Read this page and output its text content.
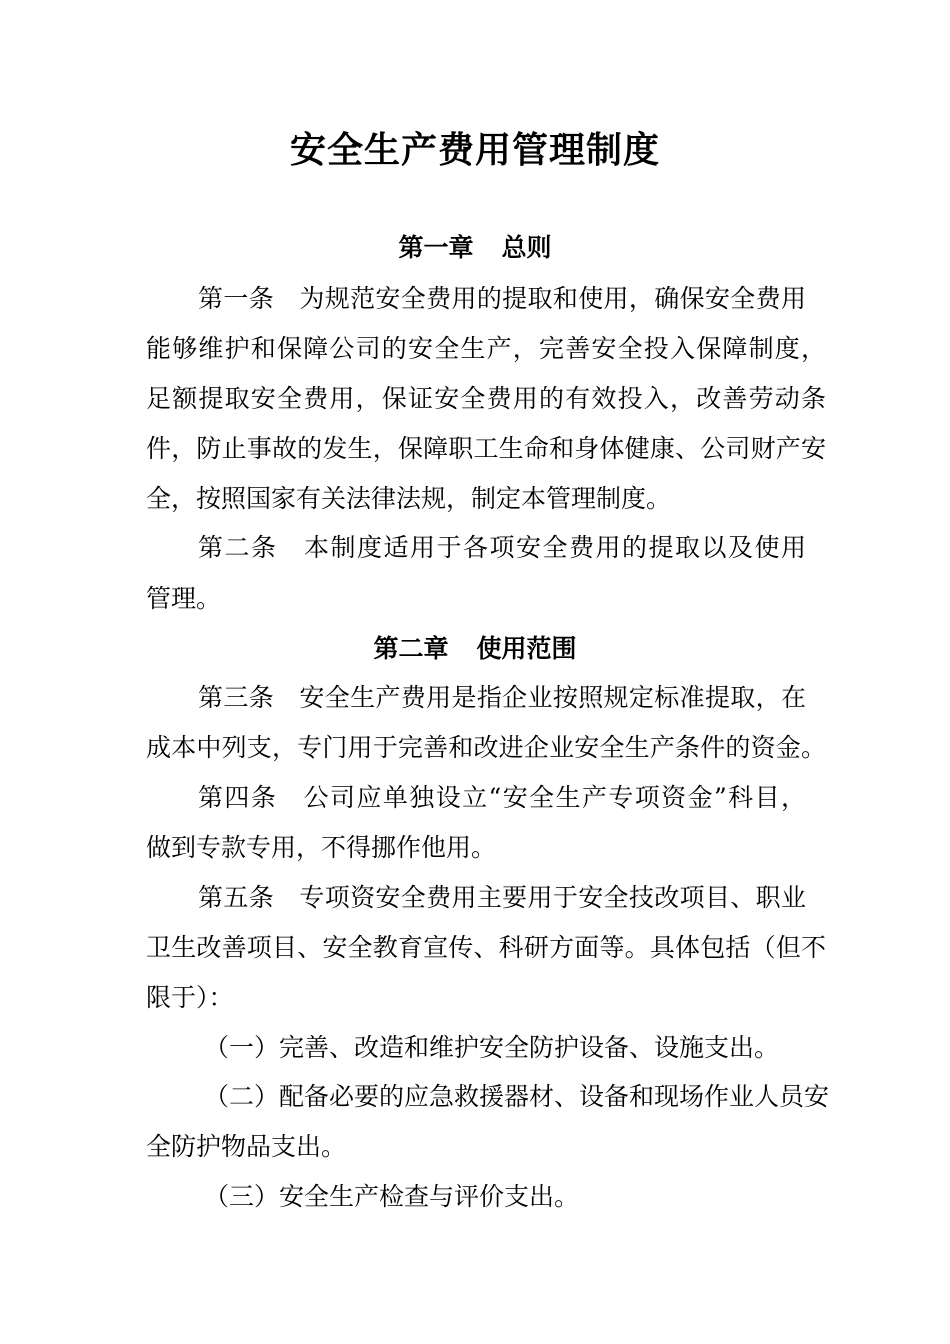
安全生产费用管理制度
第一章 总则
第一条　为规范安全费用的提取和使用，确保安全费用
能够维护和保障公司的安全生产，完善安全投入保障制度，
足额提取安全费用，保证安全费用的有效投入，改善劳动条
件，防止事故的发生，保障职工生命和身体健康、公司财产安
全，按照国家有关法律法规，制定本管理制度。
第二条　本制度适用于各项安全费用的提取以及使用
管理。
第二章 使用范围
第三条　安全生产费用是指企业按照规定标准提取，在
成本中列支，专门用于完善和改进企业安全生产条件的资金。
第四条　公司应单独设立“安全生产专项资金”科目，
做到专款专用，不得挪作他用。
第五条　专项资安全费用主要用于安全技改项目、职业
卫生改善项目、安全教育宣传、科研方面等。具体包括（但不
限于）：
（一）完善、改造和维护安全防护设备、设施支出。
（二）配备必要的应急救援器材、设备和现场作业人员安
全防护物品支出。
（三）安全生产检查与评价支出。
